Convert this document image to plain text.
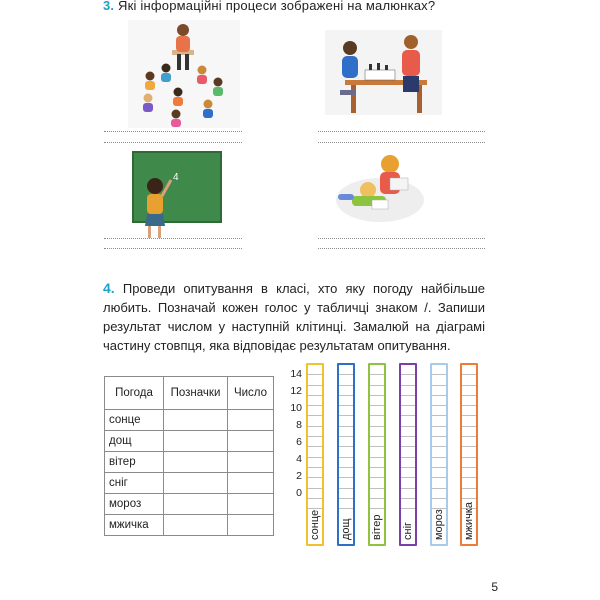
3. Які інформаційні процеси зображені на малюнках?
4
4. Проведи опитування в класі, хто яку погоду найбільше любить. Позначай кожен голос у табличці знаком /. Запиши результат числом у наступній клітинці. Замалюй на діаграмі частину стовпця, яка відповідає результатам опитування.
Погода	Позначки	Число
сонце		
дощ		
вітер		
сніг		
мороз		
мжичка		
14
12
10
8
6
4
2
0
сонце дощ вітер сніг мороз мжичка
5
